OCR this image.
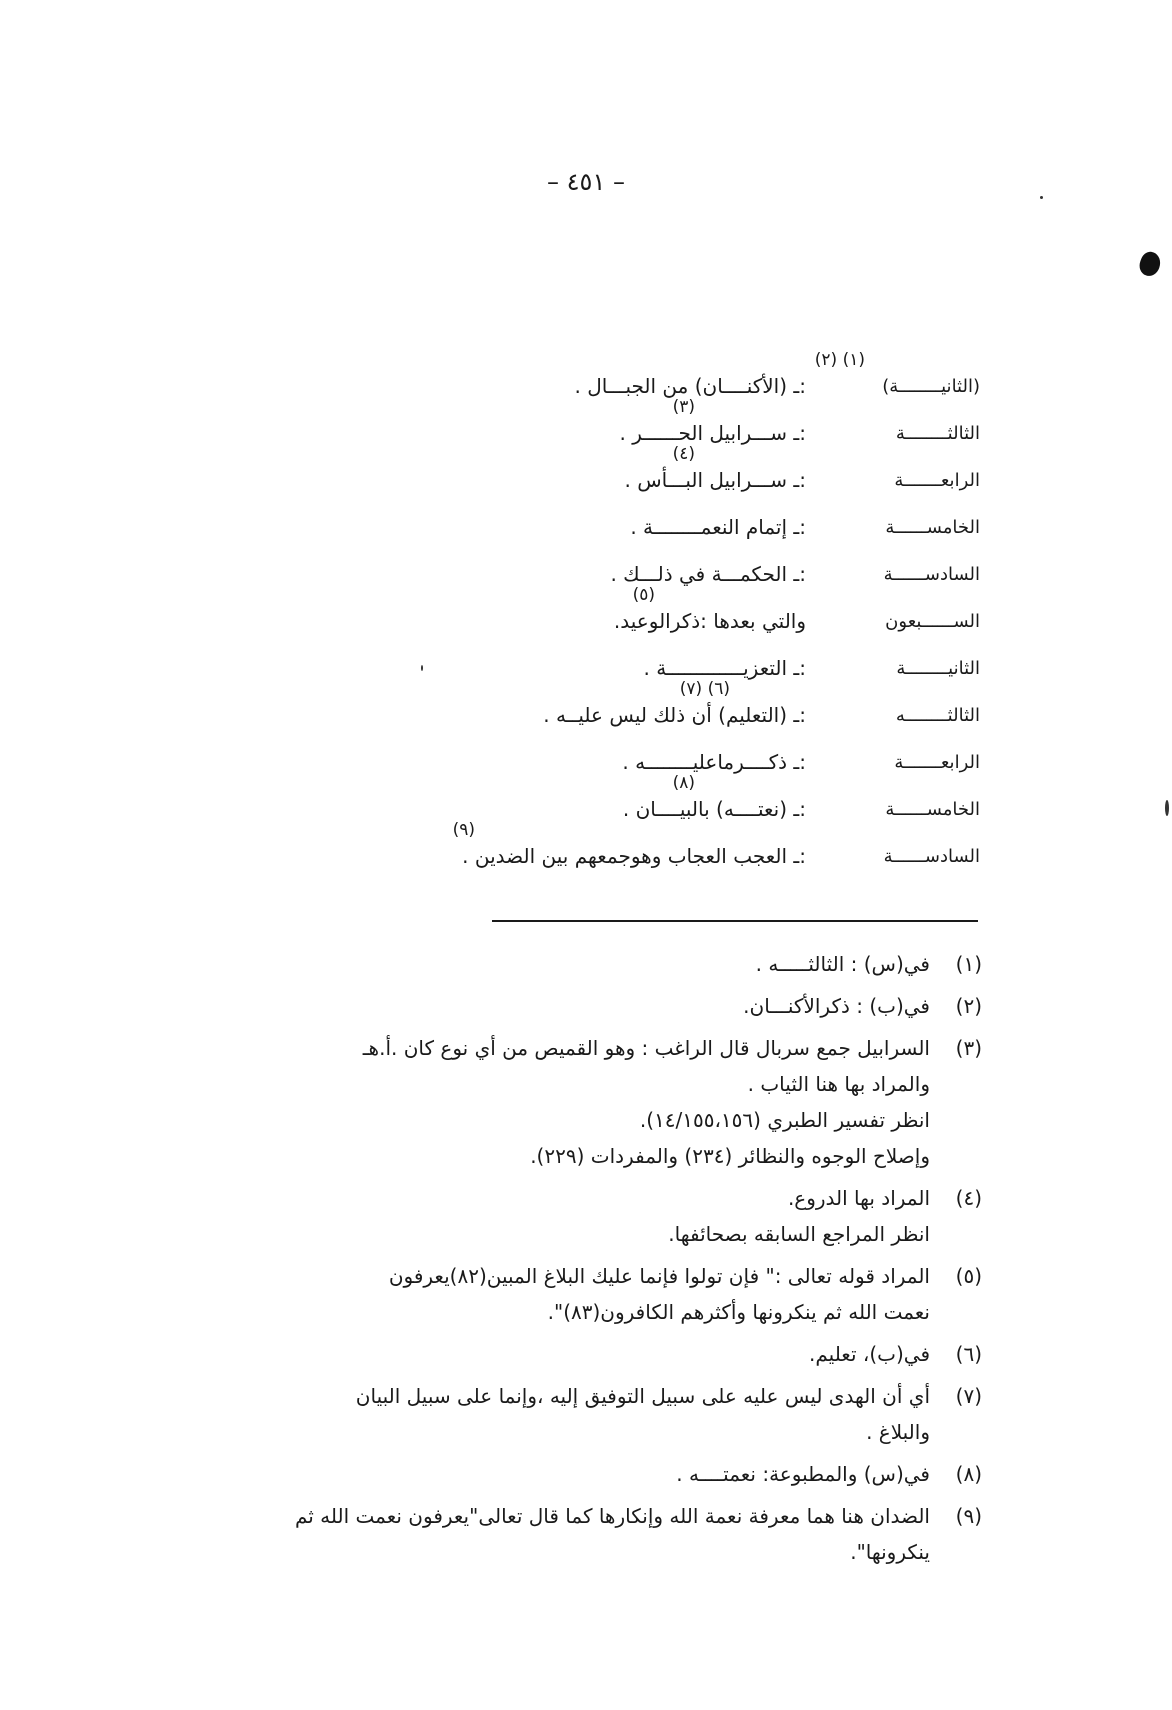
– ٤٥١ –
(١) (٢)
(الثانيــــــــة)
:ـ (الأكنــــان) من الجبـــال .
(٣)
الثالثــــــــة
:ـ ســـرابيل الحــــــر .
(٤)
الرابعـــــــة
:ـ ســـرابيل البـــأس .
الخامســــــة
:ـ إتمام النعمــــــــة .
السادســــــة
:ـ الحكمـــة في ذلـــك .
(٥)
الســــــبعون
والتي بعدها :ذكرالوعيد.
الثانيــــــــة
:ـ التعزيـــــــــــــة .
(٦) (٧)
الثالثــــــــه
:ـ (التعليم) أن ذلك ليس عليــه .
الرابعـــــــة
:ـ ذكــــرماعليــــــــه .
(٨)
الخامســــــة
:ـ (نعتــــه) بالبيــــان .
(٩)
السادســــــة
:ـ العجب العجاب وهوجمعهم بين الضدين .
(١)
في(س) : الثالثـــــه .
(٢)
في(ب) : ذكرالأكنـــان.
(٣)
السرابيل جمع سربال قال الراغب : وهو القميص من أي نوع كان .أ.هـ
والمراد بها هنا الثياب .
انظر تفسير الطبري (١٤/١٥٥،١٥٦).
وإصلاح الوجوه والنظائر (٢٣٤) والمفردات (٢٢٩).
(٤)
المراد بها الدروع.
انظر المراجع السابقه بصحائفها.
(٥)
المراد قوله تعالى :" فإن تولوا فإنما عليك البلاغ المبين(٨٢)يعرفون
نعمت الله ثم ينكرونها وأكثرهم الكافرون(٨٣)".
(٦)
في(ب)، تعليم.
(٧)
أي أن الهدى ليس عليه على سبيل التوفيق إليه ،وإنما على سبيل البيان
والبلاغ .
(٨)
في(س) والمطبوعة: نعمتــــه .
(٩)
الضدان هنا هما معرفة نعمة الله وإنكارها كما قال تعالى"يعرفون نعمت الله ثم
ينكرونها".
